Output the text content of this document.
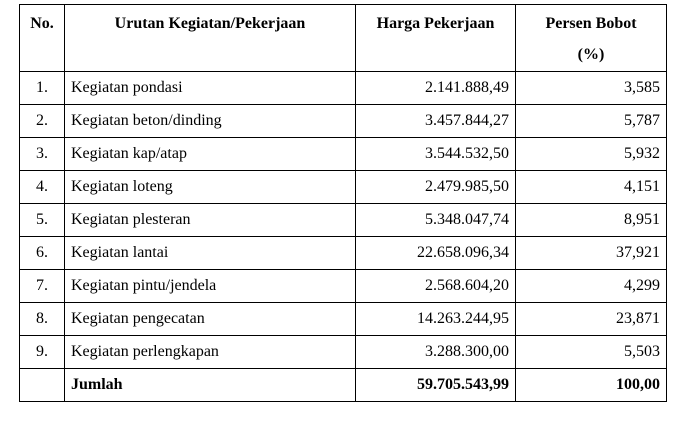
No.	Urutan Kegiatan/Pekerjaan	Harga Pekerjaan	Persen Bobot
(%)
1.	Kegiatan pondasi	2.141.888,49	3,585
2.	Kegiatan beton/dinding	3.457.844,27	5,787
3.	Kegiatan kap/atap	3.544.532,50	5,932
4.	Kegiatan loteng	2.479.985,50	4,151
5.	Kegiatan plesteran	5.348.047,74	8,951
6.	Kegiatan lantai	22.658.096,34	37,921
7.	Kegiatan pintu/jendela	2.568.604,20	4,299
8.	Kegiatan pengecatan	14.263.244,95	23,871
9.	Kegiatan perlengkapan	3.288.300,00	5,503
	Jumlah	59.705.543,99	100,00
